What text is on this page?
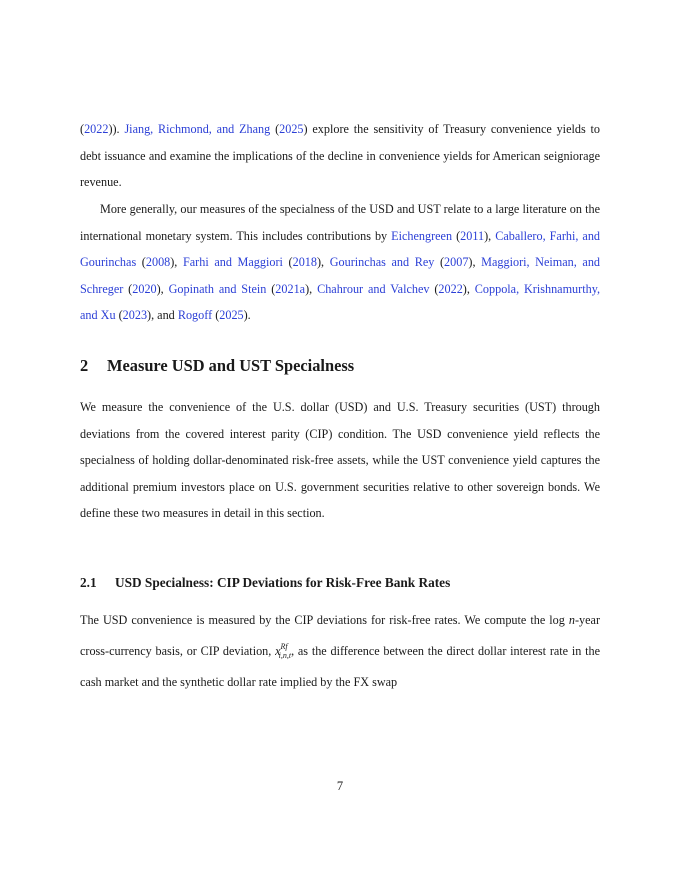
(2022)). Jiang, Richmond, and Zhang (2025) explore the sensitivity of Treasury convenience yields to debt issuance and examine the implications of the decline in convenience yields for American seigniorage revenue.

More generally, our measures of the specialness of the USD and UST relate to a large literature on the international monetary system. This includes contributions by Eichengreen (2011), Caballero, Farhi, and Gourinchas (2008), Farhi and Maggiori (2018), Gourinchas and Rey (2007), Maggiori, Neiman, and Schreger (2020), Gopinath and Stein (2021a), Chahrour and Valchev (2022), Coppola, Krishnamurthy, and Xu (2023), and Rogoff (2025).

2 Measure USD and UST Specialness

We measure the convenience of the U.S. dollar (USD) and U.S. Treasury securities (UST) through deviations from the covered interest parity (CIP) condition. The USD convenience yield reflects the specialness of holding dollar-denominated risk-free assets, while the UST convenience yield captures the additional premium investors place on U.S. government securities relative to other sovereign bonds. We define these two measures in detail in this section.

2.1 USD Specialness: CIP Deviations for Risk-Free Bank Rates

The USD convenience is measured by the CIP deviations for risk-free rates. We compute the log n-year cross-currency basis, or CIP deviation, $x^{Rf}_{i,n,t}$, as the difference between the direct dollar interest rate in the cash market and the synthetic dollar rate implied by the FX swap

7
